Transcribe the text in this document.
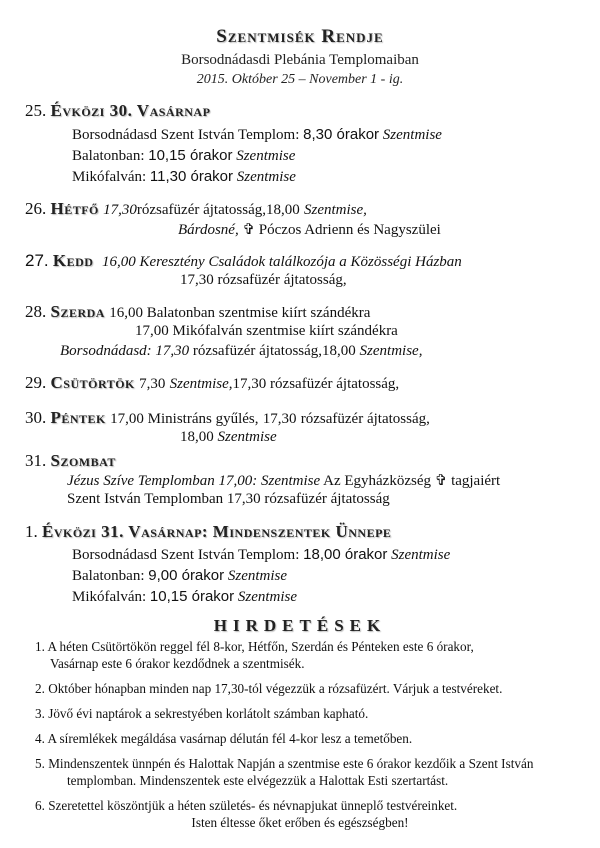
Szentmisék Rendje
Borsodnádasdi Plebánia Templomaiban
2015. Október 25 – November 1 - ig.
25. Évközi 30. Vasárnap
Borsodnádasd Szent István Templom: 8,30 órakor Szentmise
Balatonban: 10,15 órakor Szentmise
Mikófalván: 11,30 órakor Szentmise
26. Hétfő 17,30rózsafüzér ájtatosság,18,00 Szentmise,
Bárdosné, ✞ Póczos Adrienn és Nagyszülei
27. Kedd 16,00 Keresztény Családok találkozója a Közösségi Házban
17,30 rózsafüzér ájtatosság,
28. Szerda 16,00 Balatonban szentmise kiírt szándékra
17,00 Mikófalván szentmise kiírt szándékra
Borsodnádasd: 17,30 rózsafüzér ájtatosság,18,00 Szentmise,
29. Csütörtök 7,30 Szentmise,17,30 rózsafüzér ájtatosság,
30. Péntek 17,00 Ministráns gyűlés, 17,30 rózsafüzér ájtatosság,
18,00 Szentmise
31. Szombat
Jézus Szíve Templomban 17,00: Szentmise Az Egyházközség ✞ tagjaiért
Szent István Templomban 17,30 rózsafüzér ájtatosság
1. Évközi 31. Vasárnap: Mindenszentek Ünnepe
Borsodnádasd Szent István Templom: 18,00 órakor Szentmise
Balatonban: 9,00 órakor Szentmise
Mikófalván: 10,15 órakor Szentmise
HIRDETÉSEK
1. A héten Csütörtökön reggel fél 8-kor, Hétfőn, Szerdán és Pénteken este 6 órakor,
Vasárnap este 6 órakor kezdődnek a szentmisék.
2. Október hónapban minden nap 17,30-tól végezzük a rózsafüzért. Várjuk a testvéreket.
3. Jövő évi naptárok a sekrestyében korlátolt számban kapható.
4. A síremlékek megáldása vasárnap délután fél 4-kor lesz a temetőben.
5. Mindenszentek ünnpén és Halottak Napján a szentmise este 6 órakor kezdőik a Szent István
templomban. Mindenszentek este elvégezzük a Halottak Esti szertartást.
6. Szeretettel köszöntjük a héten születés- és névnapjukat ünneplő testvéreinket.
Isten éltesse őket erőben és egészségben!
